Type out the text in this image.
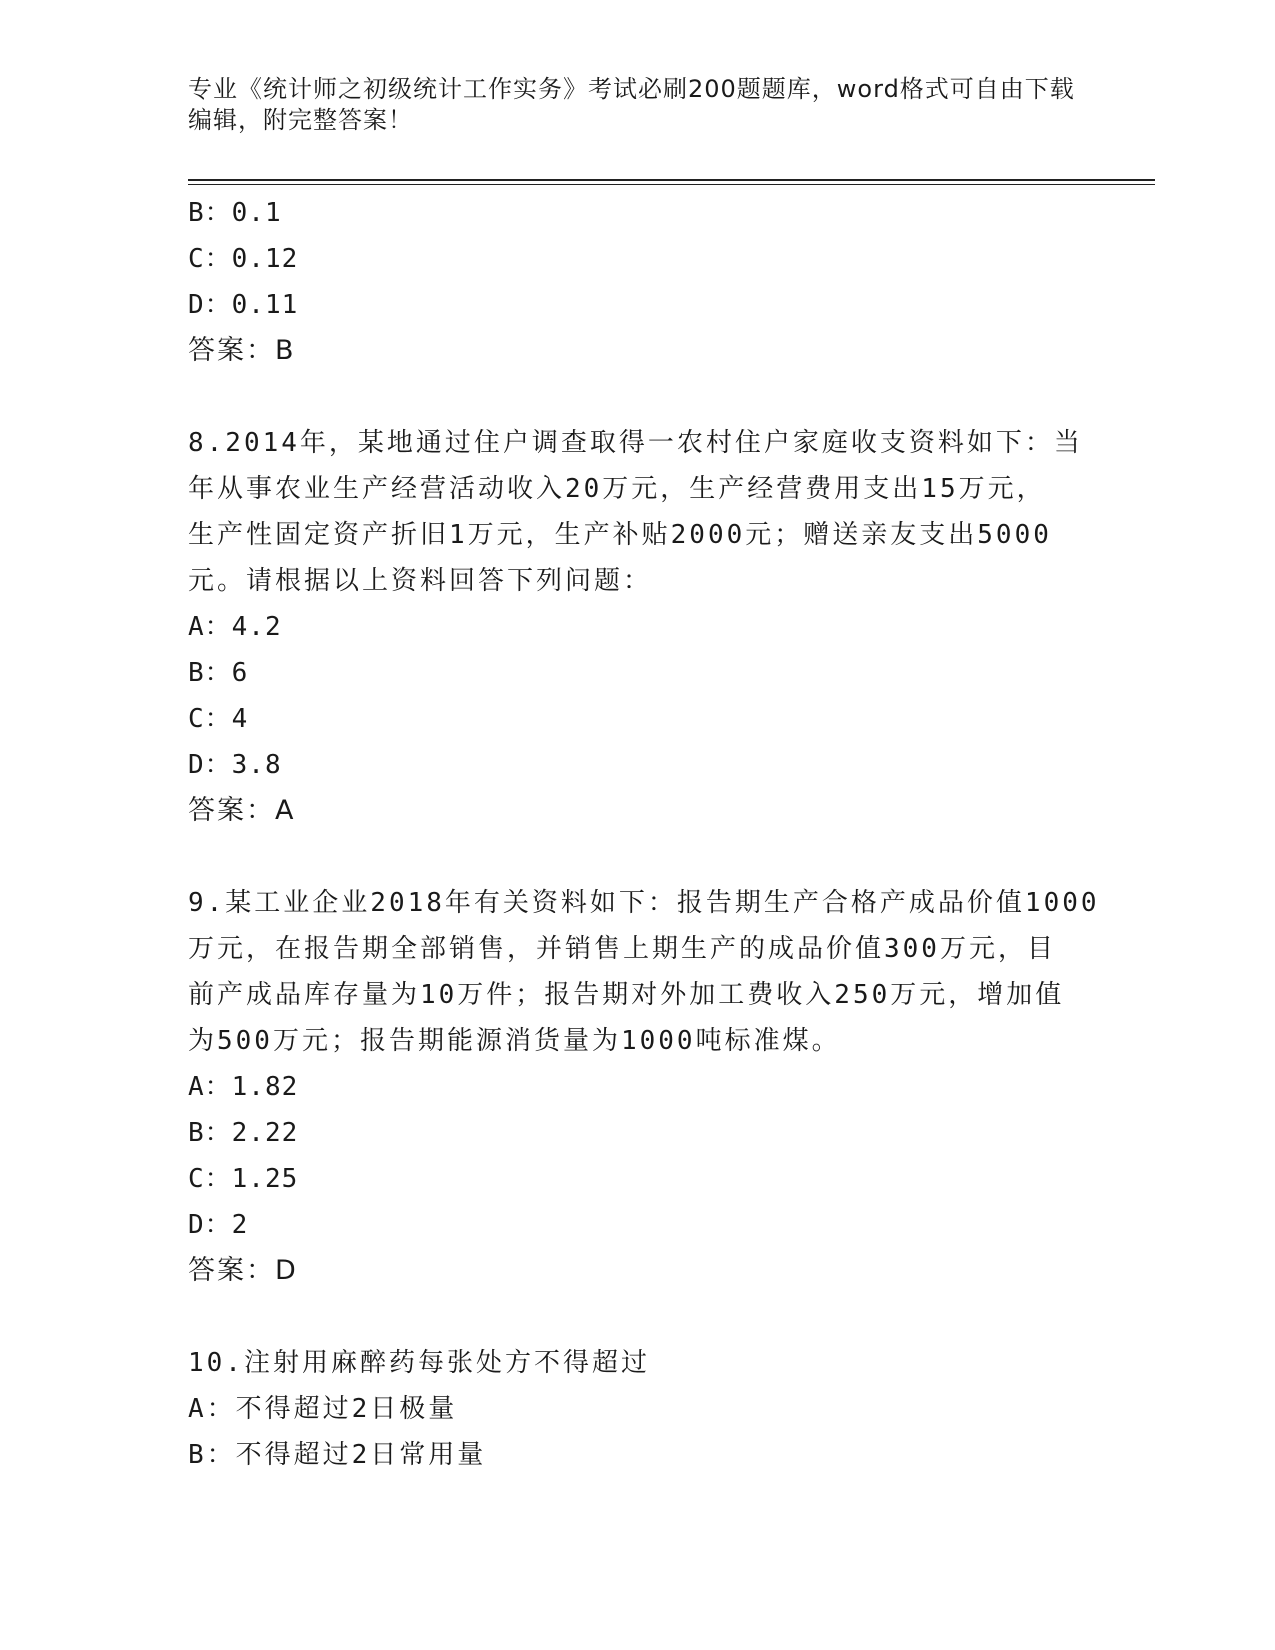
专业《统计师之初级统计工作实务》考试必刷200题题库，word格式可自由下载
编辑，附完整答案！
B：0.1
C：0.12
D：0.11
答案：B
8.2014年，某地通过住户调查取得一农村住户家庭收支资料如下：当
年从事农业生产经营活动收入20万元，生产经营费用支出15万元，
生产性固定资产折旧1万元，生产补贴2000元；赠送亲友支出5000
元。请根据以上资料回答下列问题：
A：4.2
B：6
C：4
D：3.8
答案：A
9.某工业企业2018年有关资料如下：报告期生产合格产成品价值1000
万元，在报告期全部销售，并销售上期生产的成品价值300万元，目
前产成品库存量为10万件；报告期对外加工费收入250万元，增加值
为500万元；报告期能源消货量为1000吨标准煤。
A：1.82
B：2.22
C：1.25
D：2
答案：D
10.注射用麻醉药每张处方不得超过
A：不得超过2日极量
B：不得超过2日常用量
